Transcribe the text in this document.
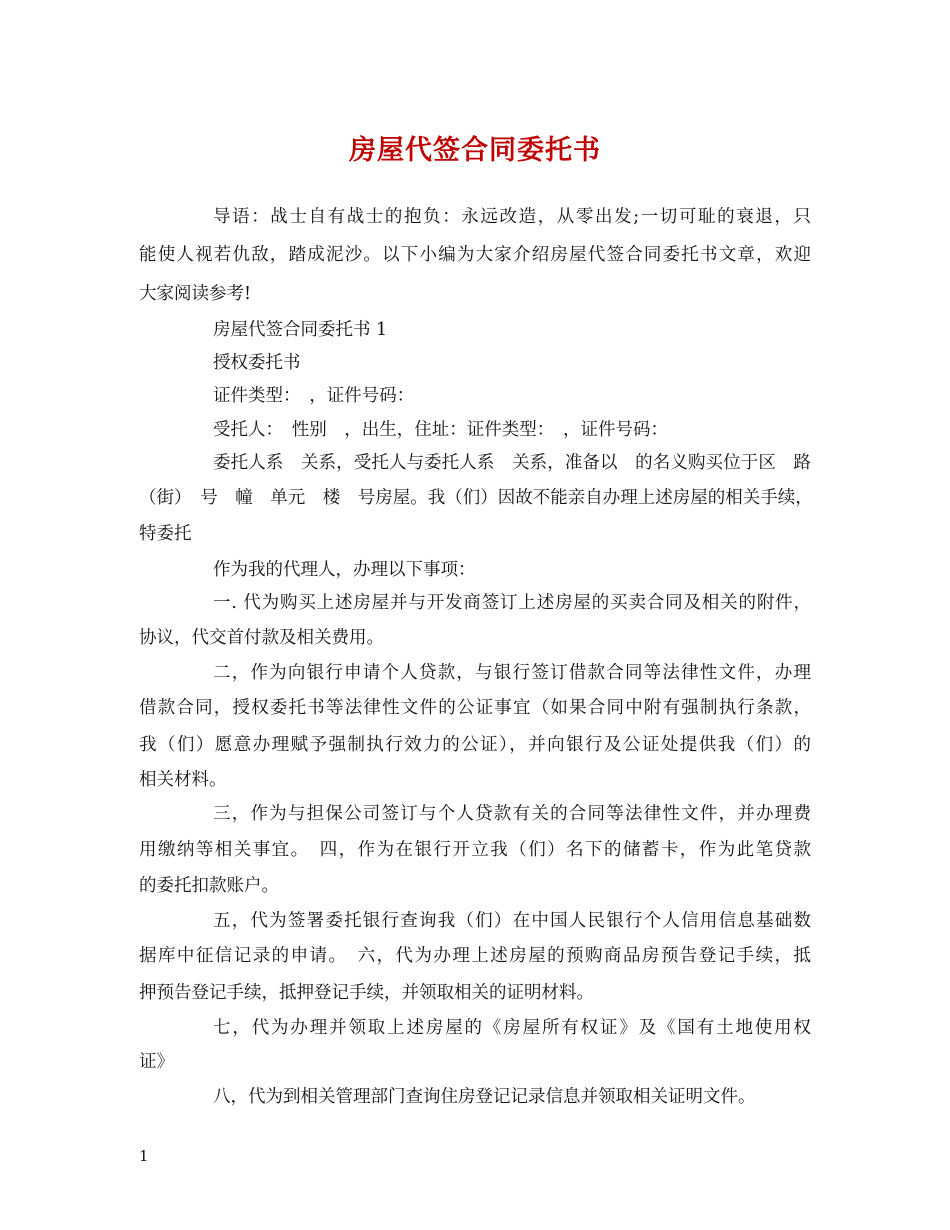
房屋代签合同委托书
导语：战士自有战士的抱负：永远改造，从零出发;一切可耻的衰退，只
能使人视若仇敌，踏成泥沙。以下小编为大家介绍房屋代签合同委托书文章，欢迎
大家阅读参考!
房屋代签合同委托书 1
授权委托书
证件类型：　，证件号码：
受托人：　性别　，出生，住址：证件类型：　，证件号码：
委托人系　关系，受托人与委托人系　关系，准备以　的名义购买位于区　路
（街）　号　幢　单元　楼　号房屋。我（们）因故不能亲自办理上述房屋的相关手续，
特委托
作为我的代理人，办理以下事项：
一. 代为购买上述房屋并与开发商签订上述房屋的买卖合同及相关的附件，
协议，代交首付款及相关费用。
二，作为向银行申请个人贷款，与银行签订借款合同等法律性文件，办理
借款合同，授权委托书等法律性文件的公证事宜（如果合同中附有强制执行条款，
我（们）愿意办理赋予强制执行效力的公证），并向银行及公证处提供我（们）的
相关材料。
三，作为与担保公司签订与个人贷款有关的合同等法律性文件，并办理费
用缴纳等相关事宜。　四，作为在银行开立我（们）名下的储蓄卡，作为此笔贷款
的委托扣款账户。
五，代为签署委托银行查询我（们）在中国人民银行个人信用信息基础数
据库中征信记录的申请。　六，代为办理上述房屋的预购商品房预告登记手续，抵
押预告登记手续，抵押登记手续，并领取相关的证明材料。
七，代为办理并领取上述房屋的《房屋所有权证》及《国有土地使用权
证》
八，代为到相关管理部门查询住房登记记录信息并领取相关证明文件。
1
